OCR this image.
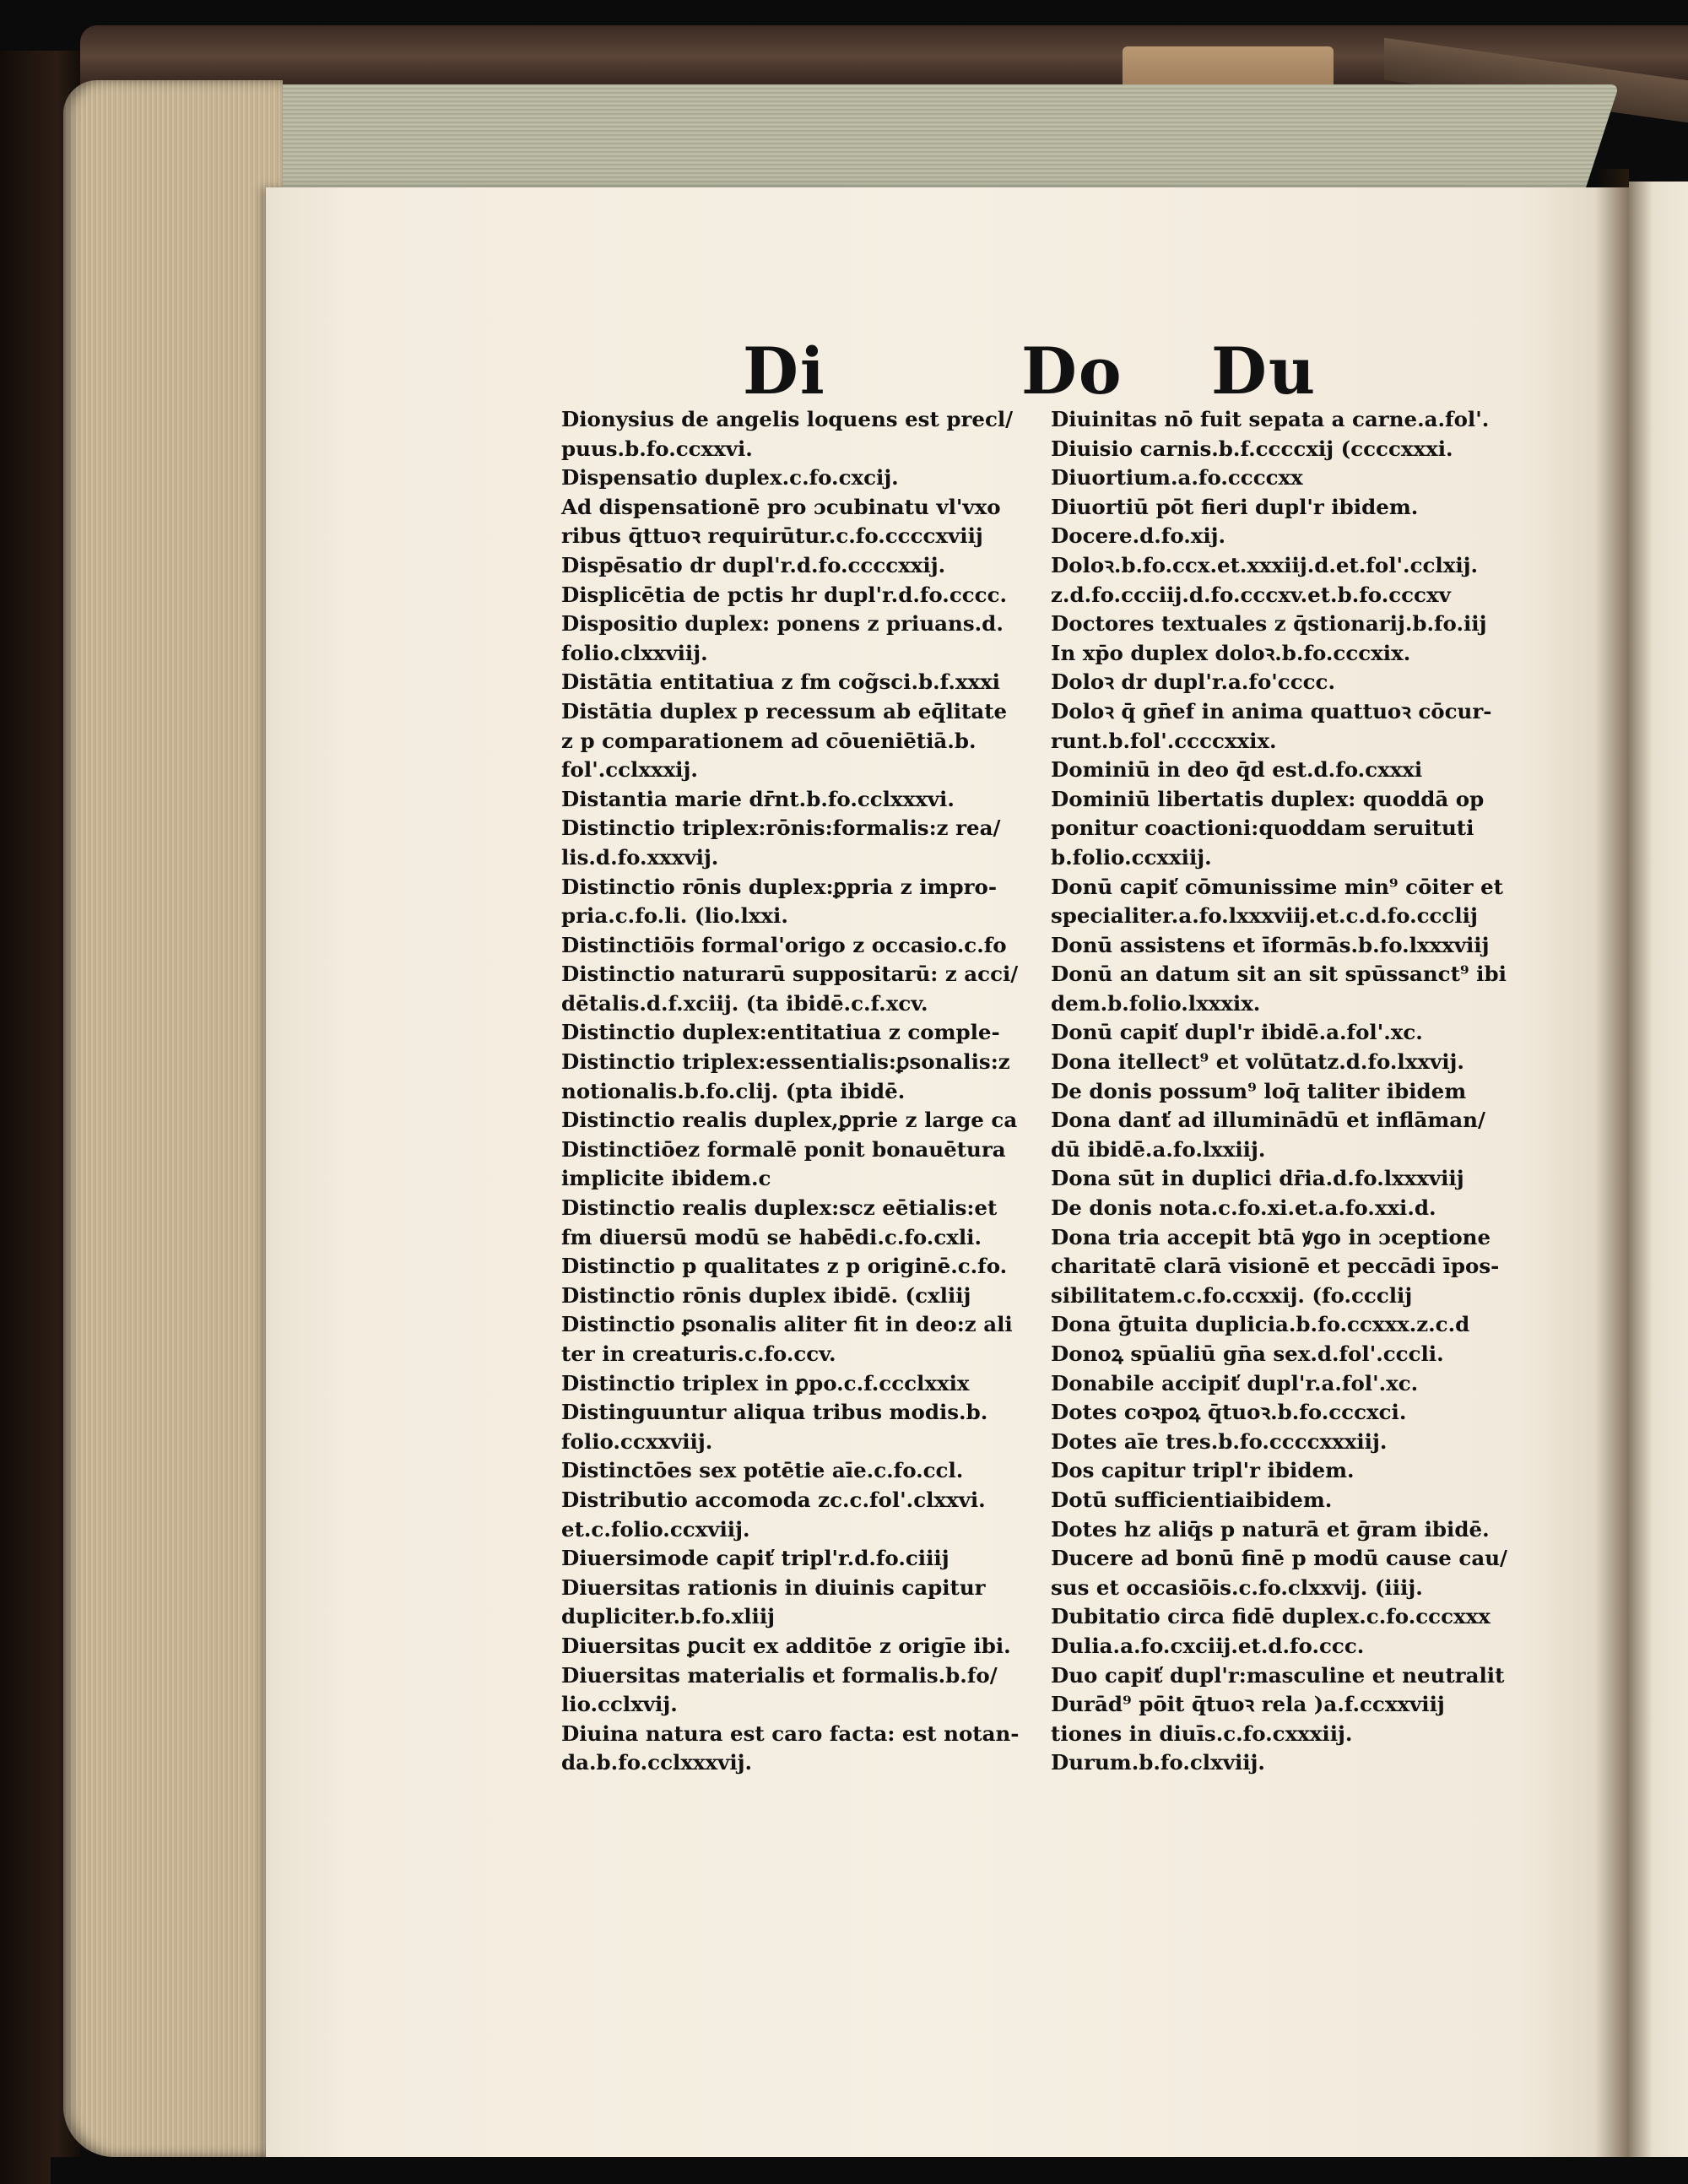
Di	Do Du
Dionysius de angelis loquens est precl/
puus.b.fo.ccxxvi.
Dispensatio duplex.c.fo.cxcij.
Ad dispensationē pro ɔcubinatu vl'vxo
ribus q̄ttuoꝛ requirūtur.c.fo.ccccxviij
Dispēsatio dr dupl'r.d.fo.ccccxxij.
Displicētia de pctis hr dupl'r.d.fo.cccc.
Dispositio duplex: ponens z priuans.d.
folio.clxxviij.
Distātia entitatiua z fm cog̃sci.b.f.xxxi
Distātia duplex p recessum ab eq̄litate
z p comparationem ad cōueniētiā.b.
fol'.cclxxxij.
Distantia marie dr̄nt.b.fo.cclxxxvi.
Distinctio triplex:rōnis:formalis:z rea/
lis.d.fo.xxxvij.
Distinctio rōnis duplex:ꝑpria z impro-
pria.c.fo.li. (lio.lxxi.
Distinctiōis formal'origo z occasio.c.fo
Distinctio naturarū suppositarū: z acci/
dētalis.d.f.xciij. (ta ibidē.c.f.xcv.
Distinctio duplex:entitatiua z comple-
Distinctio triplex:essentialis:ꝑsonalis:z
notionalis.b.fo.clij. (pta ibidē.
Distinctio realis duplex,ꝑprie z large ca
Distinctiōez formalē ponit bonauētura
implicite ibidem.c
Distinctio realis duplex:scz eētialis:et
fm diuersū modū se habēdi.c.fo.cxli.
Distinctio p qualitates z p originē.c.fo.
Distinctio rōnis duplex ibidē. (cxliij
Distinctio ꝑsonalis aliter fit in deo:z ali
ter in creaturis.c.fo.ccv.
Distinctio triplex in ꝑpo.c.f.ccclxxix
Distinguuntur aliqua tribus modis.b.
folio.ccxxviij.
Distinctōes sex potētie aīe.c.fo.ccl.
Distributio accomoda zc.c.fol'.clxxvi.
et.c.folio.ccxviij.
Diuersimode capiť tripl'r.d.fo.ciiij
Diuersitas rationis in diuinis capitur
dupliciter.b.fo.xliij
Diuersitas ꝑucit ex additōe z origīe ibi.
Diuersitas materialis et formalis.b.fo/
lio.cclxvij.
Diuina natura est caro facta: est notan-
da.b.fo.cclxxxvij.
Diuinitas nō fuit sepata a carne.a.fol'.
Diuisio carnis.b.f.ccccxij (ccccxxxi.
Diuortium.a.fo.ccccxx
Diuortiū pōt fieri dupl'r ibidem.
Docere.d.fo.xij.
Doloꝛ.b.fo.ccx.et.xxxiij.d.et.fol'.cclxij.
z.d.fo.ccciij.d.fo.cccxv.et.b.fo.cccxv
Doctores textuales z q̄stionarij.b.fo.iij
In xp̄o duplex doloꝛ.b.fo.cccxix.
Doloꝛ dr dupl'r.a.fo'cccc.
Doloꝛ q̄ gn̄ef in anima quattuoꝛ cōcur-
runt.b.fol'.ccccxxix.
Dominiū in deo q̄d est.d.fo.cxxxi
Dominiū libertatis duplex: quoddā op
ponitur coactioni:quoddam seruituti
b.folio.ccxxiij.
Donū capiť cōmunissime min⁹ cōiter et
specialiter.a.fo.lxxxviij.et.c.d.fo.ccclij
Donū assistens et īformās.b.fo.lxxxviij
Donū an datum sit an sit spūssanct⁹ ibi
dem.b.folio.lxxxix.
Donū capiť dupl'r ibidē.a.fol'.xc.
Dona itellect⁹ et volūtatz.d.fo.lxxvij.
De donis possum⁹ loq̄ taliter ibidem
Dona danť ad illuminādū et inflāman/
dū ibidē.a.fo.lxxiij.
Dona sūt in duplici dr̄ia.d.fo.lxxxviij
De donis nota.c.fo.xi.et.a.fo.xxi.d.
Dona tria accepit btā ꝟgo in ɔceptione
charitatē clarā visionē et peccādi īpos-
sibilitatem.c.fo.ccxxij. (fo.ccclij
Dona ḡtuita duplicia.b.fo.ccxxx.z.c.d
Donoꝝ spūaliū gn̄a sex.d.fol'.cccli.
Donabile accipiť dupl'r.a.fol'.xc.
Dotes coꝛpoꝝ q̄tuoꝛ.b.fo.cccxci.
Dotes aīe tres.b.fo.ccccxxxiij.
Dos capitur tripl'r ibidem.
Dotū sufficientiaibidem.
Dotes hz aliq̄s p naturā et ḡram ibidē.
Ducere ad bonū finē p modū cause cau/
sus et occasiōis.c.fo.clxxvij. (iiij.
Dubitatio circa fidē duplex.c.fo.cccxxx
Dulia.a.fo.cxciij.et.d.fo.ccc.
Duo capiť dupl'r:masculine et neutralit
Durād⁹ pōit q̄tuoꝛ rela )a.f.ccxxviij
tiones in diuīs.c.fo.cxxxiij.
Durum.b.fo.clxviij.
